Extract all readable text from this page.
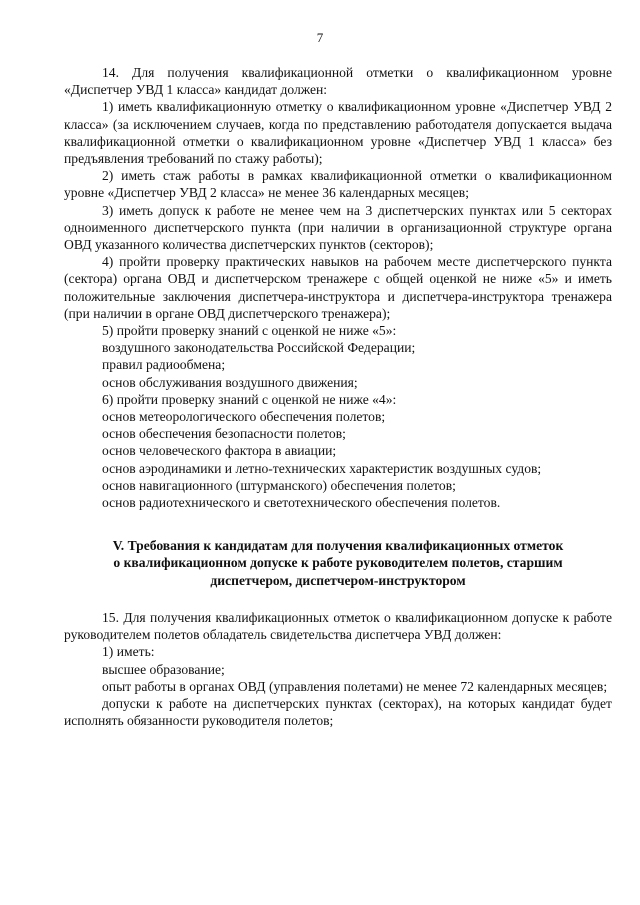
7

14. Для получения квалификационной отметки о квалификационном уровне «Диспетчер УВД 1 класса» кандидат должен:

1) иметь квалификационную отметку о квалификационном уровне «Диспетчер УВД 2 класса» (за исключением случаев, когда по представлению работодателя допускается выдача квалификационной отметки о квалификационном уровне «Диспетчер УВД 1 класса» без предъявления требований по стажу работы);

2) иметь стаж работы в рамках квалификационной отметки о квалификационном уровне «Диспетчер УВД 2 класса» не менее 36 календарных месяцев;

3) иметь допуск к работе не менее чем на 3 диспетчерских пунктах или 5 секторах одноименного диспетчерского пункта (при наличии в организационной структуре органа ОВД указанного количества диспетчерских пунктов (секторов);

4) пройти проверку практических навыков на рабочем месте диспетчерского пункта (сектора) органа ОВД и диспетчерском тренажере с общей оценкой не ниже «5» и иметь положительные заключения диспетчера-инструктора и диспетчера-инструктора тренажера (при наличии в органе ОВД диспетчерского тренажера);

5) пройти проверку знаний с оценкой не ниже «5»:

воздушного законодательства Российской Федерации;

правил радиообмена;

основ обслуживания воздушного движения;

6) пройти проверку знаний с оценкой не ниже «4»:

основ метеорологического обеспечения полетов;

основ обеспечения безопасности полетов;

основ человеческого фактора в авиации;

основ аэродинамики и летно-технических характеристик воздушных судов;

основ навигационного (штурманского) обеспечения полетов;

основ радиотехнического и светотехнического обеспечения полетов.

V. Требования к кандидатам для получения квалификационных отметок
о квалификационном допуске к работе руководителем полетов, старшим
диспетчером, диспетчером-инструктором

15. Для получения квалификационных отметок о квалификационном допуске к работе руководителем полетов обладатель свидетельства диспетчера УВД должен:

1) иметь:

высшее образование;

опыт работы в органах ОВД (управления полетами) не менее 72 календарных месяцев;

допуски к работе на диспетчерских пунктах (секторах), на которых кандидат будет исполнять обязанности руководителя полетов;
